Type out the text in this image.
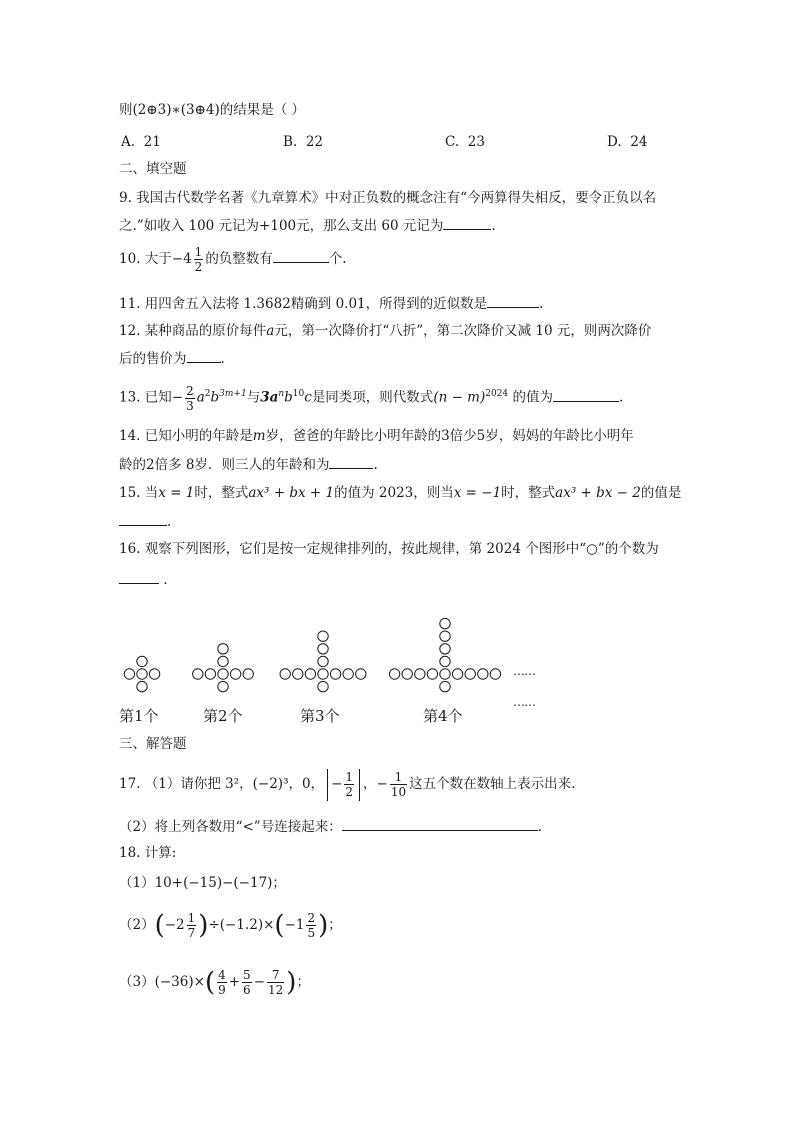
则(2⊕3)∗(3⊕4)的结果是（ ）
A. 21	B. 22	C. 23	D. 24
二、填空题
9. 我国古代数学名著《九章算术》中对正负数的概念注有“今两算得失相反，要令正负以名
之.”如收入 100 元记为+100元，那么支出 60 元记为	.
10. 大于$-4 \frac{1}{2}$ 的负整数有	个.
11. 用四舍五入法将 1.3682精确到 0.01，所得到的近似数是	.
12. 某种商品的原价每件a元，第一次降价打“八折”，第二次降价又减 10 元，则两次降价
后的售价为	.
13. 已知− $\frac{2}{3} a^2b^{3m+1}$与$3a^nb^{10}c$是同类项，则代数式$(n - m)^{2024}$ 的值为	.
14. 已知小明的年龄是m岁，爸爸的年龄比小明年龄的3倍少5岁，妈妈的年龄比小明年
龄的2倍多 8岁．则三人的年龄和为	.
15. 当x = 1时，整式ax³ + bx + 1的值为 2023，则当x = −1时，整式ax³ + bx − 2的值是
.
16. 观察下列图形，它们是按一定规律排列的，按此规律，第 2024 个图形中“○”的个数为
.
……
……
第1个	第2个	第3个	第4个
三、解答题
17. （1）请你把 3²，(−2)³，0， − $\frac{1}{2}$ ，− $\frac{1}{10}$ 这五个数在数轴上表示出来.
（2）将上列各数用“<”号连接起来：	.
18. 计算:
（1）10+(−15)−(−17)；
$(2)(-2 \frac{1}{7} )\div(-1.2)\times(-1 \frac{2}{5}$ )；
$(3)(-36)\times( \frac{4}{9} + \frac{5}{6} - \frac{7}{12}$ )；
